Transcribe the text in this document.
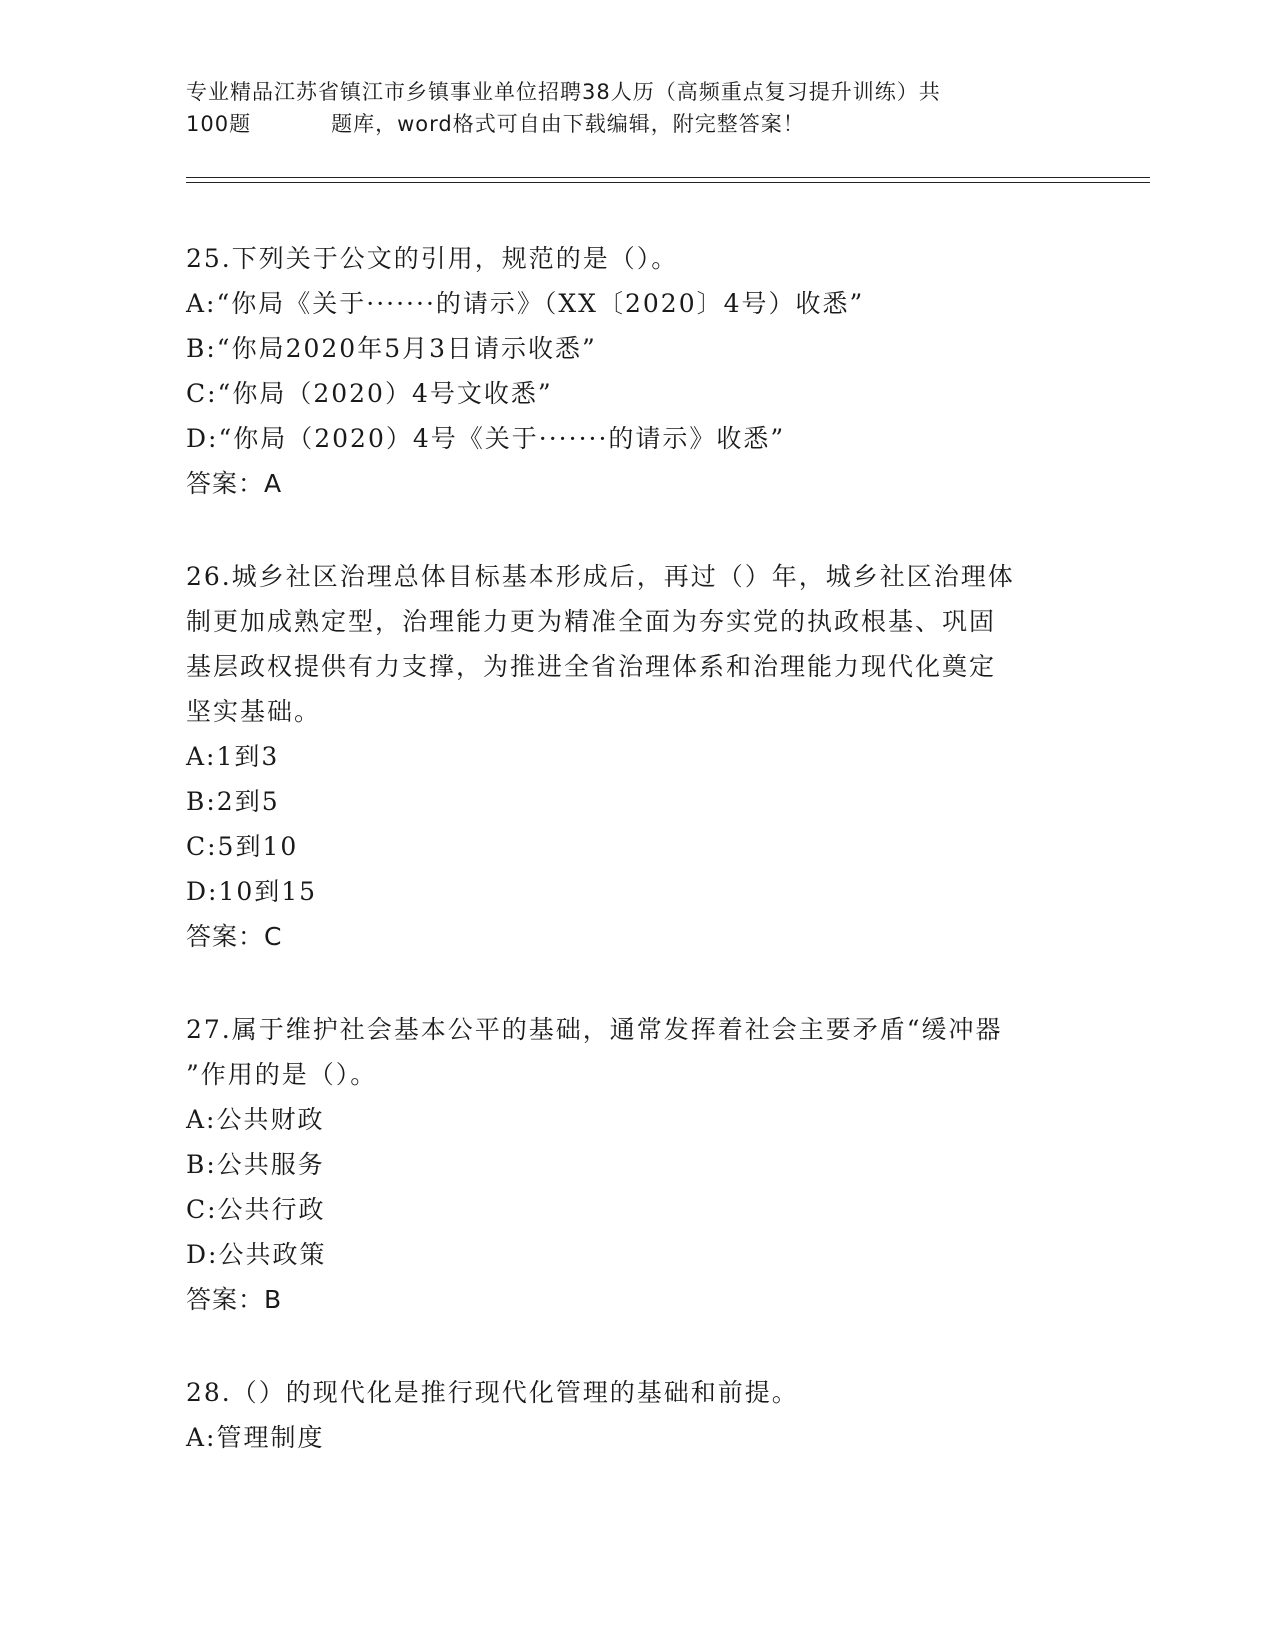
专业精品江苏省镇江市乡镇事业单位招聘38人历（高频重点复习提升训练）共
100题	题库，word格式可自由下载编辑，附完整答案！

25.下列关于公文的引用，规范的是（）。

A:“你局《关于·······的请示》（XX〔2020〕4号）收悉”

B:“你局2020年5月3日请示收悉”

C:“你局（2020）4号文收悉”

D:“你局（2020）4号《关于·······的请示》收悉”

答案：A

26.城乡社区治理总体目标基本形成后，再过（）年，城乡社区治理体

制更加成熟定型，治理能力更为精准全面为夯实党的执政根基、巩固

基层政权提供有力支撑，为推进全省治理体系和治理能力现代化奠定

坚实基础。

A:1到3

B:2到5

C:5到10

D:10到15

答案：C

27.属于维护社会基本公平的基础，通常发挥着社会主要矛盾“缓冲器

”作用的是（）。

A:公共财政

B:公共服务

C:公共行政

D:公共政策

答案：B

28.（）的现代化是推行现代化管理的基础和前提。

A:管理制度
